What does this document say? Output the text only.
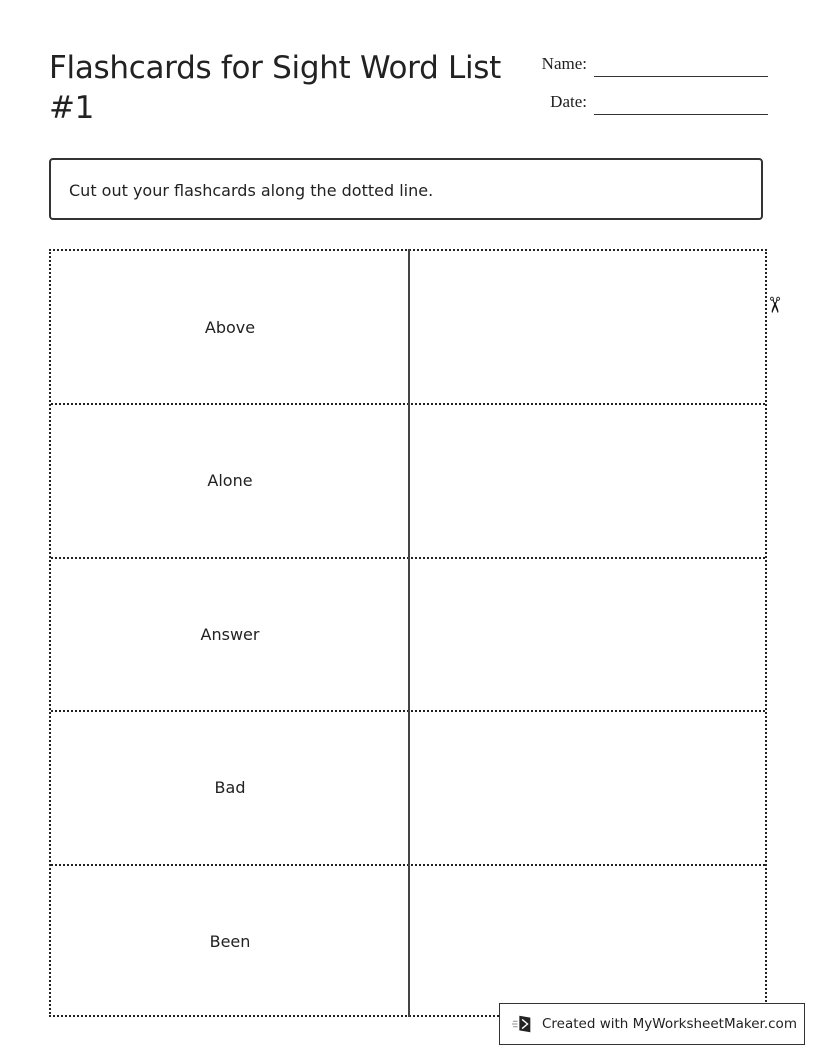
Flashcards for Sight Word List #1
Name:
Date:
Cut out your flashcards along the dotted line.
Above
Alone
Answer
Bad
Been
✂
Created with MyWorksheetMaker.com
